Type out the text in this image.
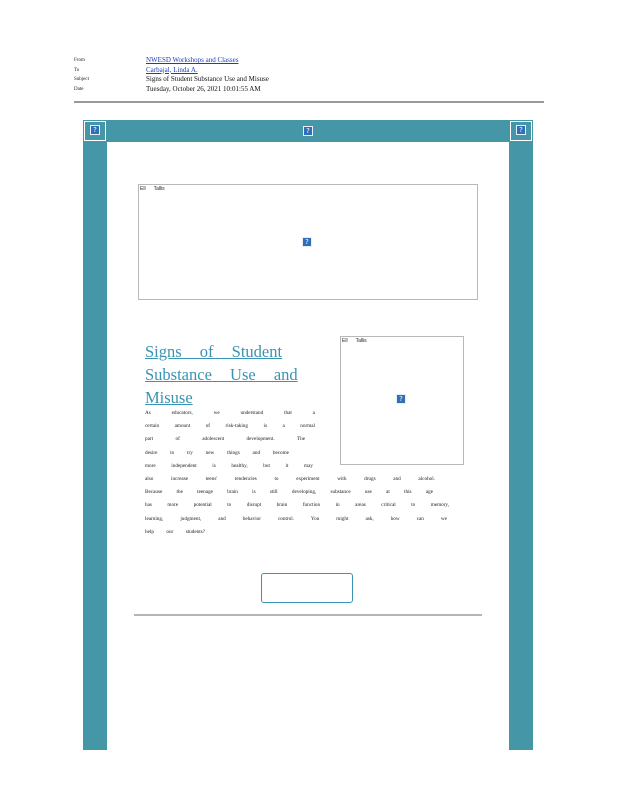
From	NWESD Workshops and Classes
To	Carbajal, Linda A.
Subject	Signs of Student Substance Use and Misuse
Date	Tuesday, October 26, 2021 10:01:55 AM
?	?	?
Ell Tallis
?
Ell Tallis
?
Signs of Student Substance Use and Misuse
As educators, we understand that a
certain amount of risk-taking is a normal
part of adolescent development. The
desire to try new things and become
more independent is healthy, but it may
also increase teens' tendencies to experiment with drugs and alcohol.
Because the teenage brain is still developing, substance use at this age
has more potential to disrupt brain function in areas critical to memory,
learning, judgment, and behavior control. You might ask, how can we
help our students?
